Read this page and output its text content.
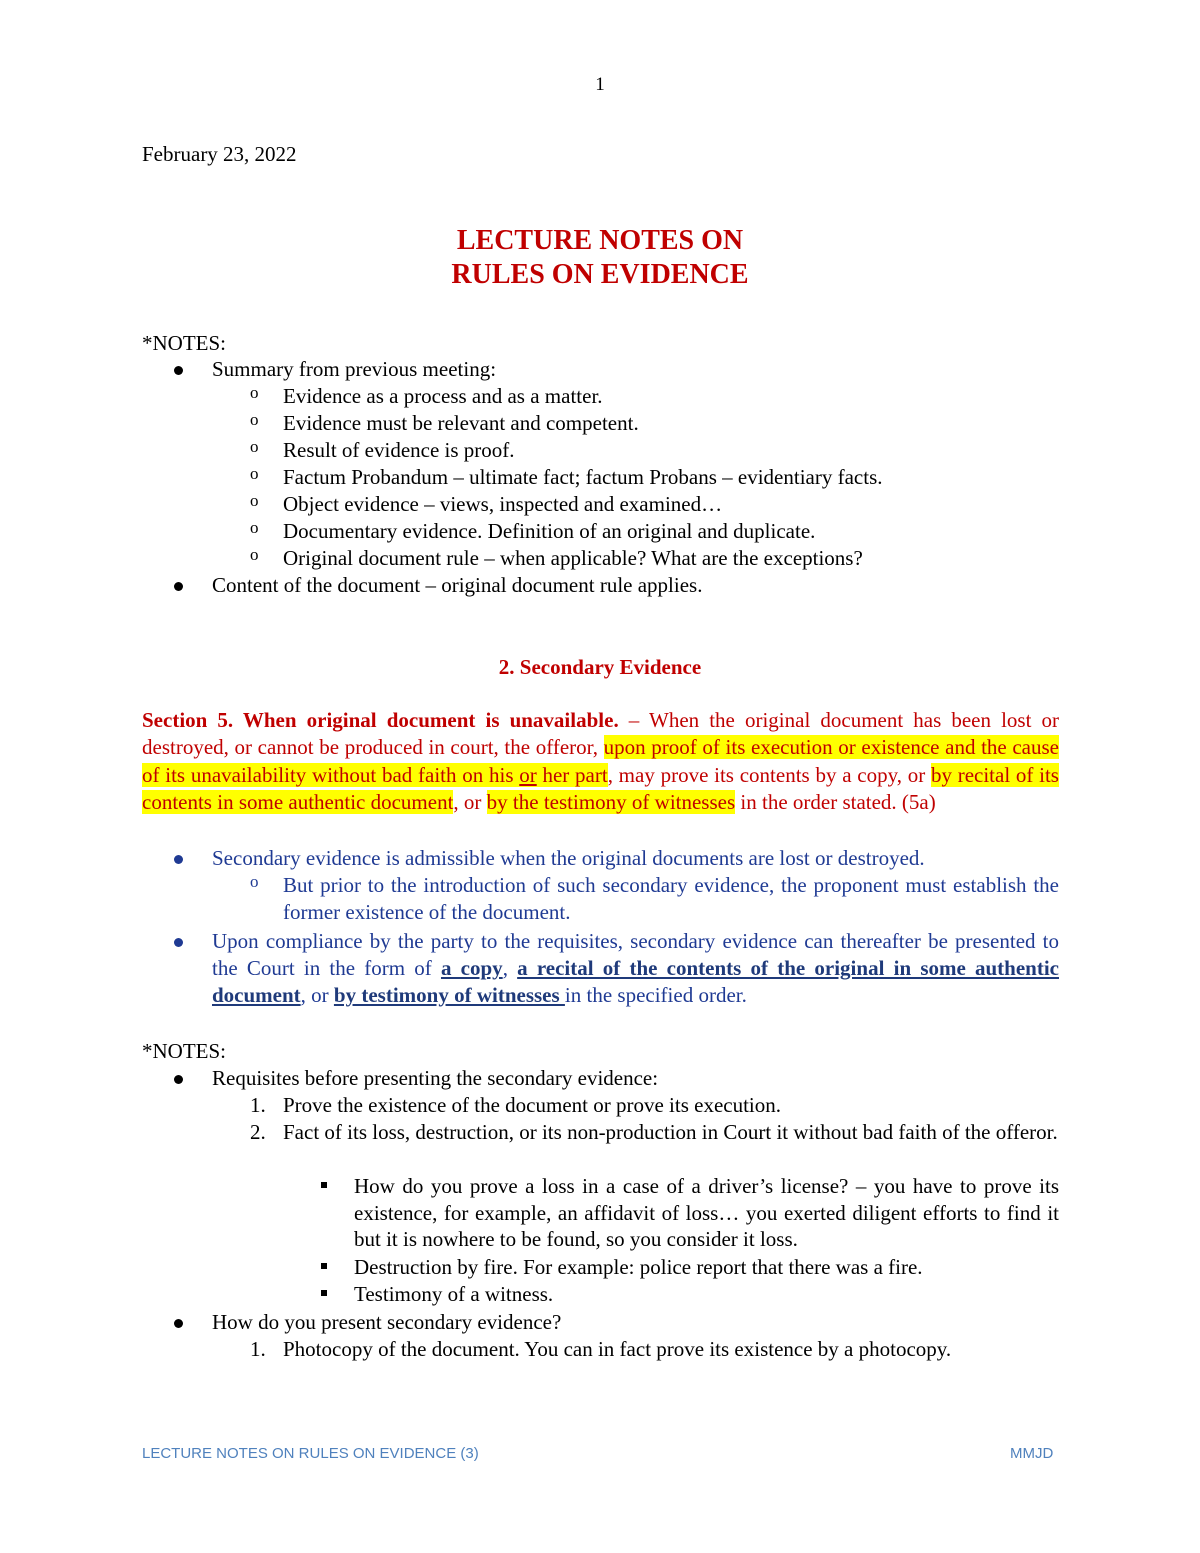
1
February 23, 2022
LECTURE NOTES ON
RULES ON EVIDENCE
*NOTES:
Summary from previous meeting:
o Evidence as a process and as a matter.
o Evidence must be relevant and competent.
o Result of evidence is proof.
o Factum Probandum – ultimate fact; factum Probans – evidentiary facts.
o Object evidence – views, inspected and examined…
o Documentary evidence. Definition of an original and duplicate.
o Original document rule – when applicable? What are the exceptions?
Content of the document – original document rule applies.
2. Secondary Evidence
Section 5. When original document is unavailable. – When the original document has been lost or destroyed, or cannot be produced in court, the offeror, upon proof of its execution or existence and the cause of its unavailability without bad faith on his or her part, may prove its contents by a copy, or by recital of its contents in some authentic document, or by the testimony of witnesses in the order stated. (5a)
Secondary evidence is admissible when the original documents are lost or destroyed.
o But prior to the introduction of such secondary evidence, the proponent must establish the former existence of the document.
Upon compliance by the party to the requisites, secondary evidence can thereafter be presented to the Court in the form of a copy, a recital of the contents of the original in some authentic document, or by testimony of witnesses in the specified order.
*NOTES:
Requisites before presenting the secondary evidence:
1. Prove the existence of the document or prove its execution.
2. Fact of its loss, destruction, or its non-production in Court it without bad faith of the offeror.
How do you prove a loss in a case of a driver’s license? – you have to prove its existence, for example, an affidavit of loss… you exerted diligent efforts to find it but it is nowhere to be found, so you consider it loss.
Destruction by fire. For example: police report that there was a fire.
Testimony of a witness.
How do you present secondary evidence?
1. Photocopy of the document. You can in fact prove its existence by a photocopy.
LECTURE NOTES ON RULES ON EVIDENCE (3)	MMJD
